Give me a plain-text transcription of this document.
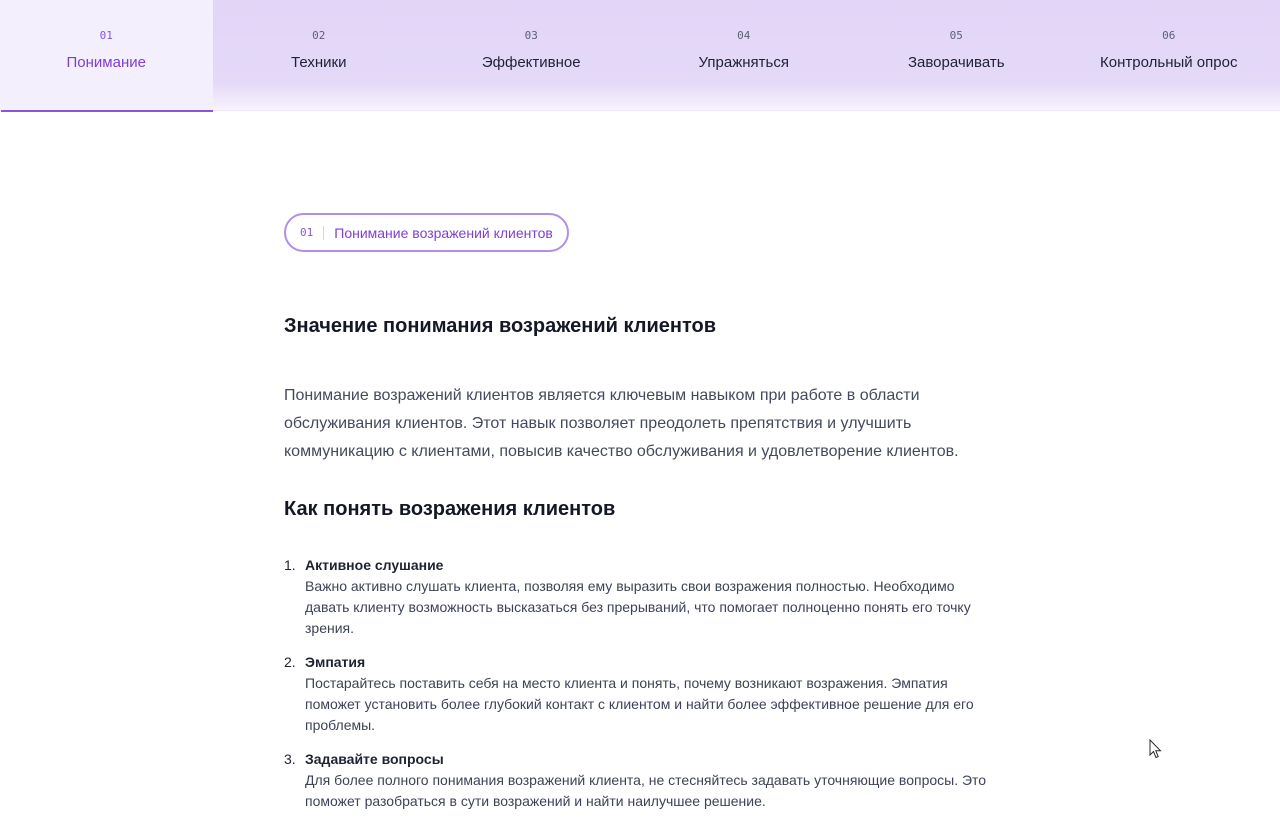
01
Понимание
02
Техники
03
Эффективное
04
Упражняться
05
Заворачивать
06
Контрольный опрос
01	Понимание возражений клиентов
Значение понимания возражений клиентов

Понимание возражений клиентов является ключевым навыком при работе в области обслуживания клиентов. Этот навык позволяет преодолеть препятствия и улучшить коммуникацию с клиентами, повысив качество обслуживания и удовлетворение клиентов.

Как понять возражения клиентов
1. Активное слушание
Важно активно слушать клиента, позволяя ему выразить свои возражения полностью. Необходимо давать клиенту возможность высказаться без прерываний, что помогает полноценно понять его точку зрения.
2. Эмпатия
Постарайтесь поставить себя на место клиента и понять, почему возникают возражения. Эмпатия поможет установить более глубокий контакт с клиентом и найти более эффективное решение для его проблемы.
3. Задавайте вопросы
Для более полного понимания возражений клиента, не стесняйтесь задавать уточняющие вопросы. Это поможет разобраться в сути возражений и найти наилучшее решение.
